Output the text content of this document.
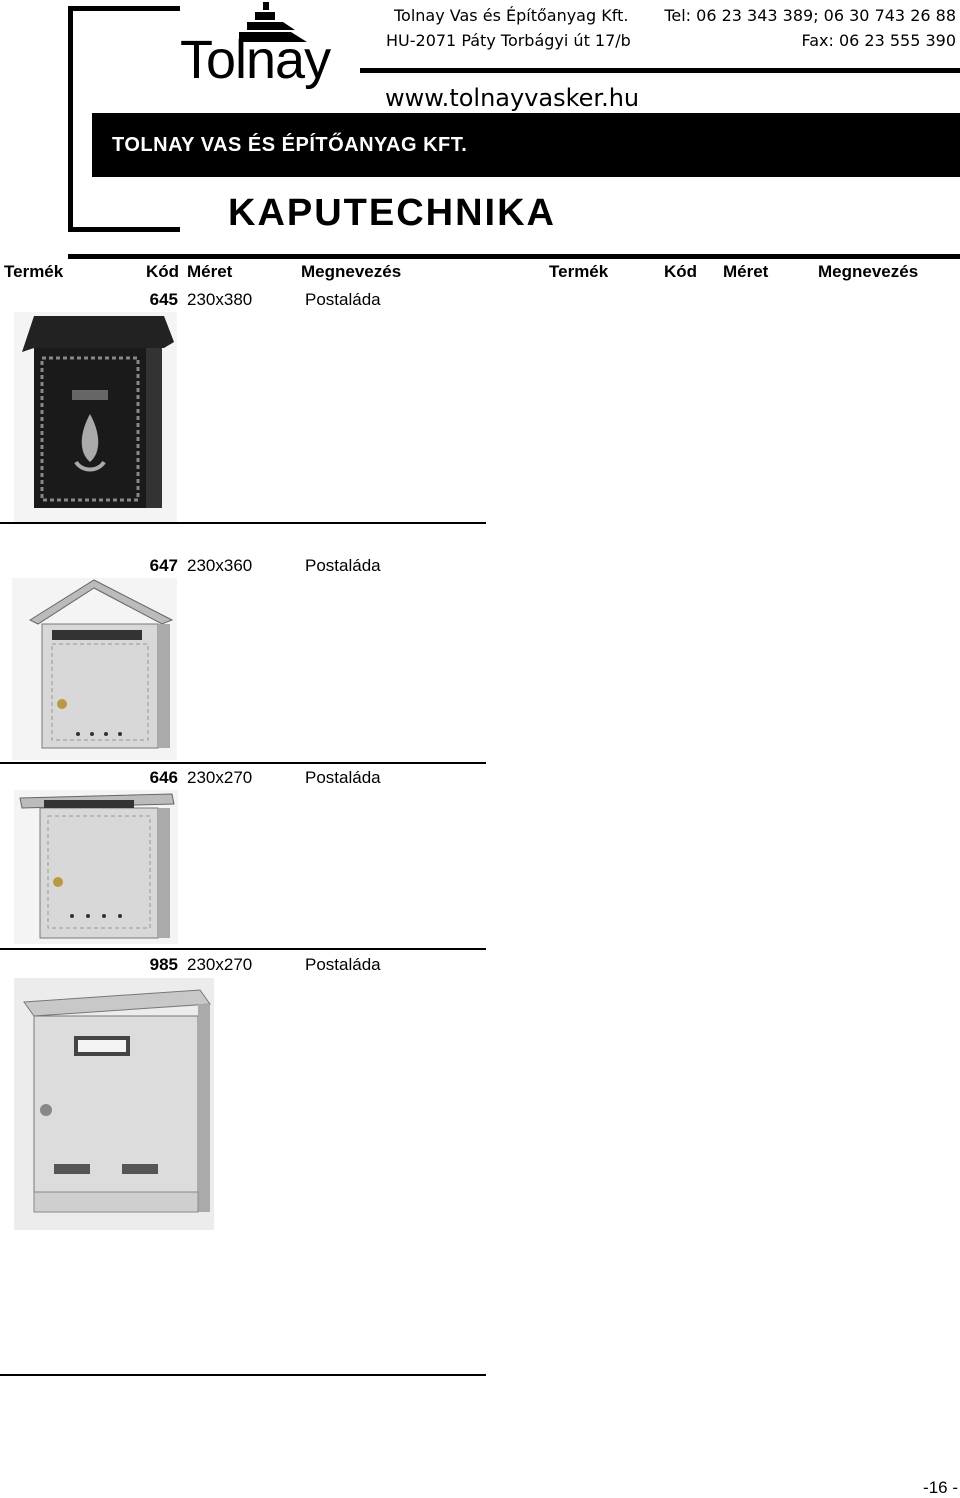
Tolnay
Tolnay Vas és Építőanyag Kft.
HU-2071 Páty Torbágyi út 17/b
Tel: 06 23 343 389; 06 30 743 26 88
Fax: 06 23 555 390
www.tolnayvasker.hu
TOLNAY VAS ÉS ÉPÍTŐANYAG KFT.
KAPUTECHNIKA
Termék	Kód Méret	Megnevezés	Termék	Kód Méret	Megnevezés
645 230x380	Postaláda
647 230x360	Postaláda
646 230x270	Postaláda
985 230x270	Postaláda
-16 -
